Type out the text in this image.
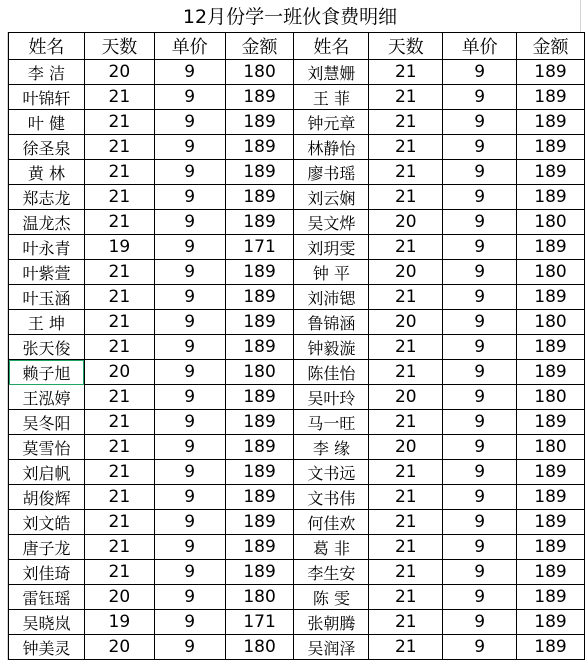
12月份学一班伙食费明细
姓名	天数	单价	金额	姓名	天数	单价	金额
李 洁	20	9	180	刘慧姗	21	9	189
叶锦轩	21	9	189	王 菲	21	9	189
叶 健	21	9	189	钟元章	21	9	189
徐圣泉	21	9	189	林静怡	21	9	189
黄 林	21	9	189	廖书瑶	21	9	189
郑志龙	21	9	189	刘云娴	21	9	189
温龙杰	21	9	189	吴文烨	20	9	180
叶永青	19	9	171	刘玥雯	21	9	189
叶紫萱	21	9	189	钟 平	20	9	180
叶玉涵	21	9	189	刘沛锶	21	9	189
王 坤	21	9	189	鲁锦涵	20	9	180
张天俊	21	9	189	钟毅漩	21	9	189
赖子旭	20	9	180	陈佳怡	21	9	189
王泓婷	21	9	189	吴叶玲	20	9	180
吴冬阳	21	9	189	马一旺	21	9	189
莫雪怡	21	9	189	李 缘	20	9	180
刘启帆	21	9	189	文书远	21	9	189
胡俊辉	21	9	189	文书伟	21	9	189
刘文皓	21	9	189	何佳欢	21	9	189
唐子龙	21	9	189	葛 非	21	9	189
刘佳琦	21	9	189	李生安	21	9	189
雷钰瑶	20	9	180	陈 雯	21	9	189
吴晓岚	19	9	171	张朝腾	21	9	189
钟美灵	20	9	180	吴润泽	21	9	189
